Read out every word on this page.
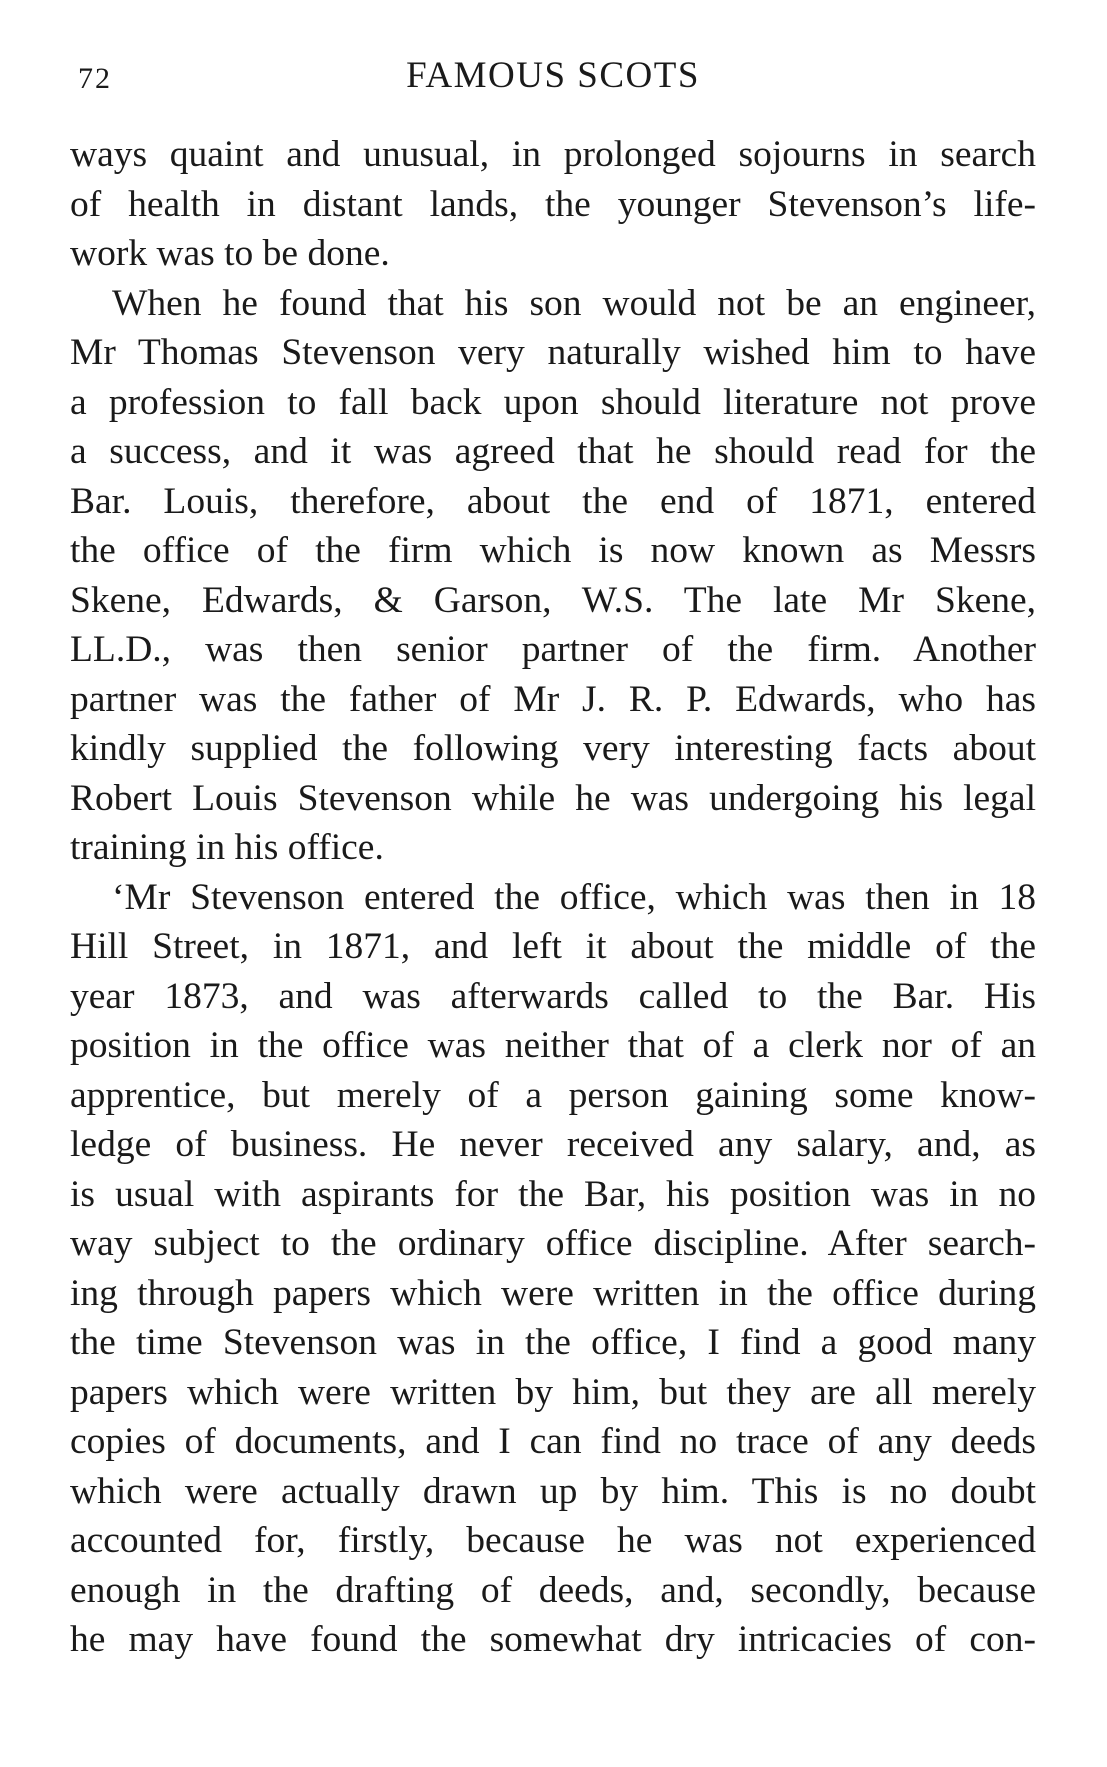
72	FAMOUS SCOTS
ways quaint and unusual, in prolonged sojourns in search
of health in distant lands, the younger Stevenson’s life-
work was to be done.
When he found that his son would not be an engineer,
Mr Thomas Stevenson very naturally wished him to have
a profession to fall back upon should literature not prove
a success, and it was agreed that he should read for the
Bar. Louis, therefore, about the end of 1871, entered
the office of the firm which is now known as Messrs
Skene, Edwards, & Garson, W.S. The late Mr Skene,
LL.D., was then senior partner of the firm. Another
partner was the father of Mr J. R. P. Edwards, who has
kindly supplied the following very interesting facts about
Robert Louis Stevenson while he was undergoing his legal
training in his office.
‘Mr Stevenson entered the office, which was then in 18
Hill Street, in 1871, and left it about the middle of the
year 1873, and was afterwards called to the Bar. His
position in the office was neither that of a clerk nor of an
apprentice, but merely of a person gaining some know-
ledge of business. He never received any salary, and, as
is usual with aspirants for the Bar, his position was in no
way subject to the ordinary office discipline. After search-
ing through papers which were written in the office during
the time Stevenson was in the office, I find a good many
papers which were written by him, but they are all merely
copies of documents, and I can find no trace of any deeds
which were actually drawn up by him. This is no doubt
accounted for, firstly, because he was not experienced
enough in the drafting of deeds, and, secondly, because
he may have found the somewhat dry intricacies of con-
